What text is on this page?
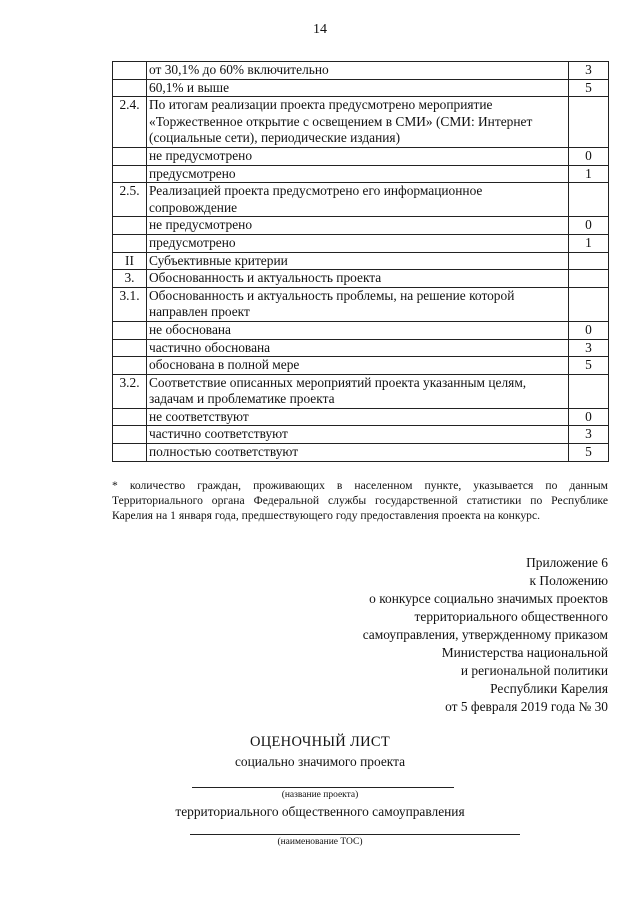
14
	от 30,1% до 60% включительно	3
	60,1% и выше	5
2.4.	По итогам реализации проекта предусмотрено мероприятие «Торжественное открытие с освещением в СМИ» (СМИ: Интернет (социальные сети), периодические издания)	
	не предусмотрено	0
	предусмотрено	1
2.5.	Реализацией проекта предусмотрено его информационное сопровождение	
	не предусмотрено	0
	предусмотрено	1
II	Субъективные критерии	
3.	Обоснованность и актуальность проекта	
3.1.	Обоснованность и актуальность проблемы, на решение которой направлен проект	
	не обоснована	0
	частично обоснована	3
	обоснована в полной мере	5
3.2.	Соответствие описанных мероприятий проекта указанным целям, задачам и проблематике проекта	
	не соответствуют	0
	частично соответствуют	3
	полностью соответствуют	5
* количество граждан, проживающих в населенном пункте, указывается по данным Территориального органа Федеральной службы государственной статистики по Республике Карелия на 1 января года, предшествующего году предоставления проекта на конкурс.
Приложение 6
к Положению
о конкурсе социально значимых проектов
территориального общественного
самоуправления, утвержденному приказом
Министерства национальной
и региональной политики
Республики Карелия
от 5 февраля 2019 года № 30
ОЦЕНОЧНЫЙ ЛИСТ
социально значимого проекта
(название проекта)
территориального общественного самоуправления
(наименование ТОС)
